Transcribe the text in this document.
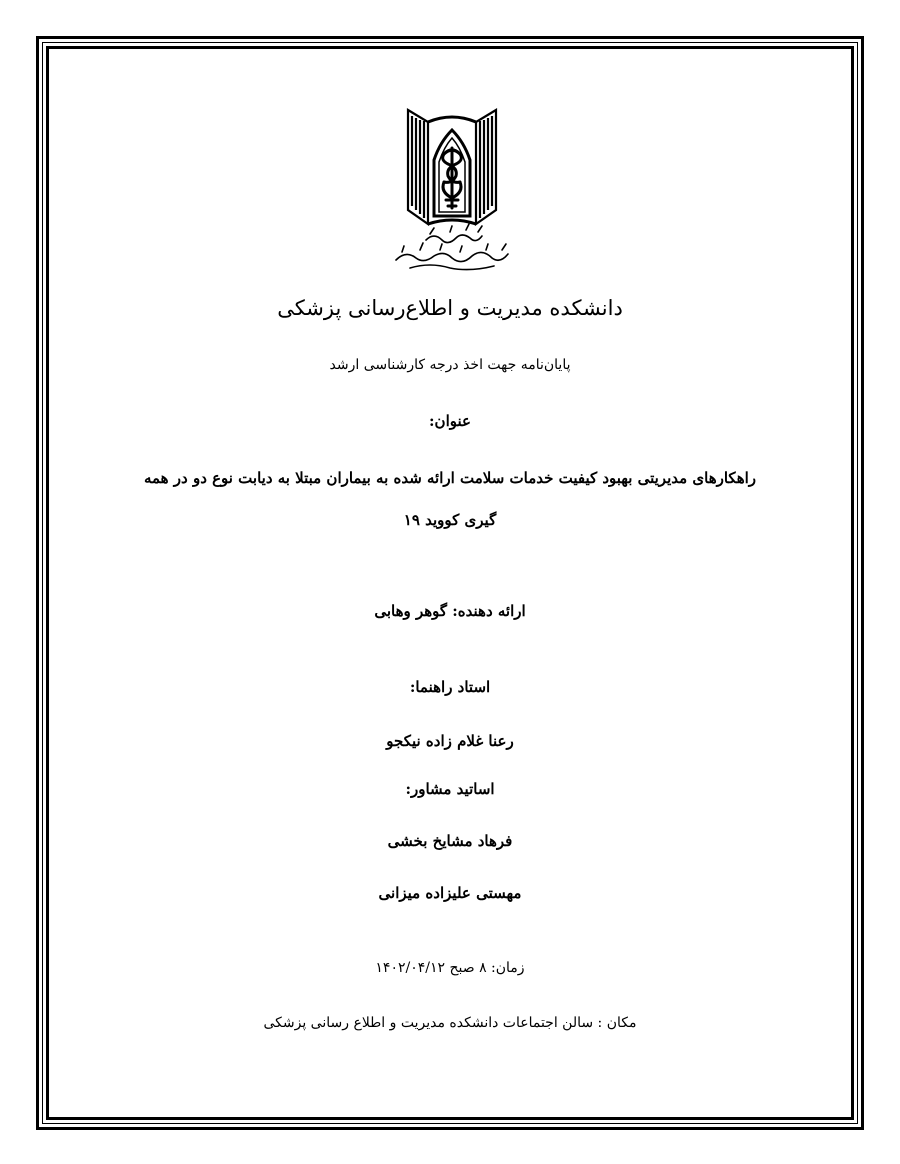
دانشکده مدیریت و اطلاع‌رسانی پزشکی
پایان‌نامه جهت اخذ درجه کارشناسی ارشد
عنوان:
راهکارهای مدیریتی بهبود کیفیت خدمات سلامت ارائه شده به بیماران مبتلا به دیابت نوع دو در همه
گیری کووید ۱۹
ارائه دهنده: گوهر وهابی
استاد راهنما:
رعنا غلام زاده نیکجو
اساتید مشاور:
فرهاد مشایخ بخشی
مهستی علیزاده میزانی
زمان: ۸ صبح ۱۴۰۲/۰۴/۱۲
مکان : سالن اجتماعات دانشکده مدیریت و اطلاع رسانی پزشکی
